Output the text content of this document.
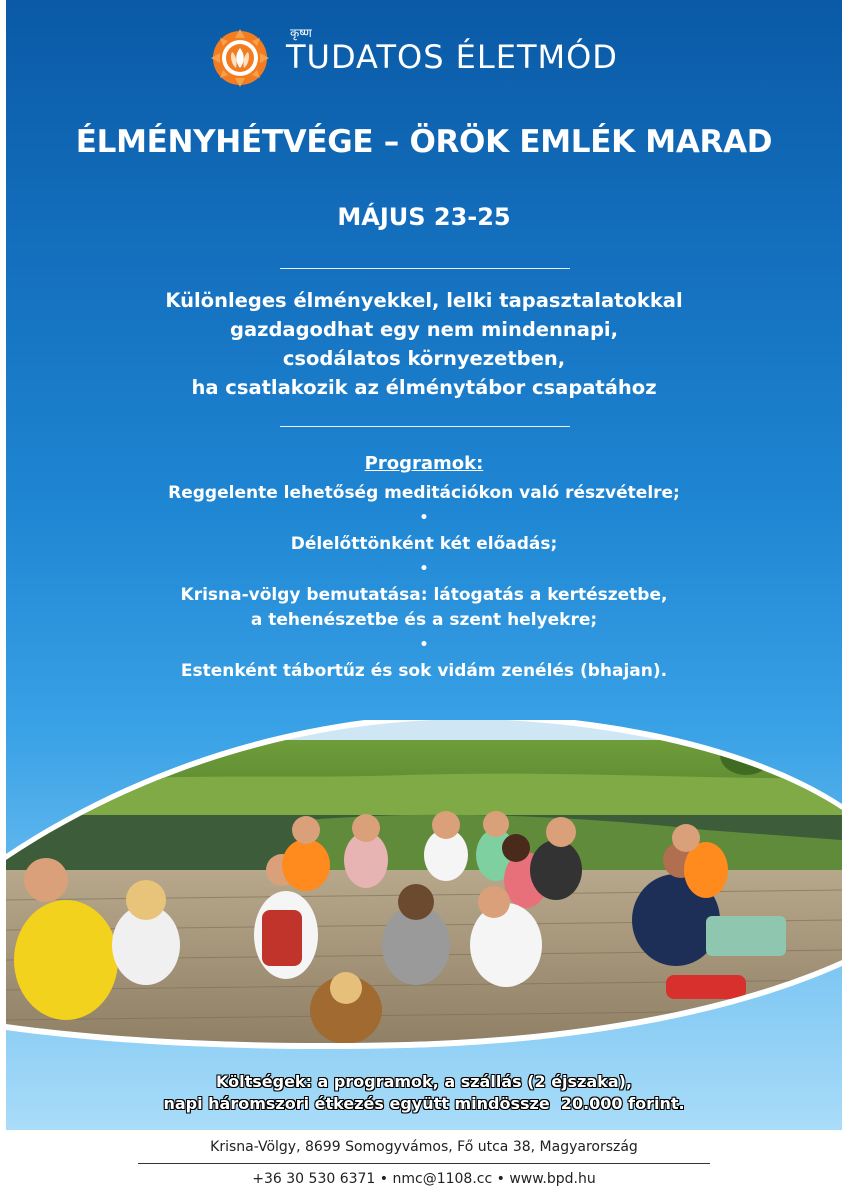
कृष्ण
TUDATOS ÉLETMÓD
ÉLMÉNYHÉTVÉGE – ÖRÖK EMLÉK MARAD
MÁJUS 23-25
Különleges élményekkel, lelki tapasztalatokkal
gazdagodhat egy nem mindennapi,
csodálatos környezetben,
ha csatlakozik az élménytábor csapatához
Programok:
Reggelente lehetőség meditációkon való részvételre;
•
Délelőttönként két előadás;
•
Krisna-völgy bemutatása: látogatás a kertészetbe,
a tehenészetbe és a szent helyekre;
•
Estenként tábortűz és sok vidám zenélés (bhajan).
Költségek: a programok, a szállás (2 éjszaka),
napi háromszori étkezés együtt mindössze  20.000 forint.
Krisna-Völgy, 8699 Somogyvámos, Fő utca 38, Magyarország
+36 30 530 6371 • nmc@1108.cc • www.bpd.hu
